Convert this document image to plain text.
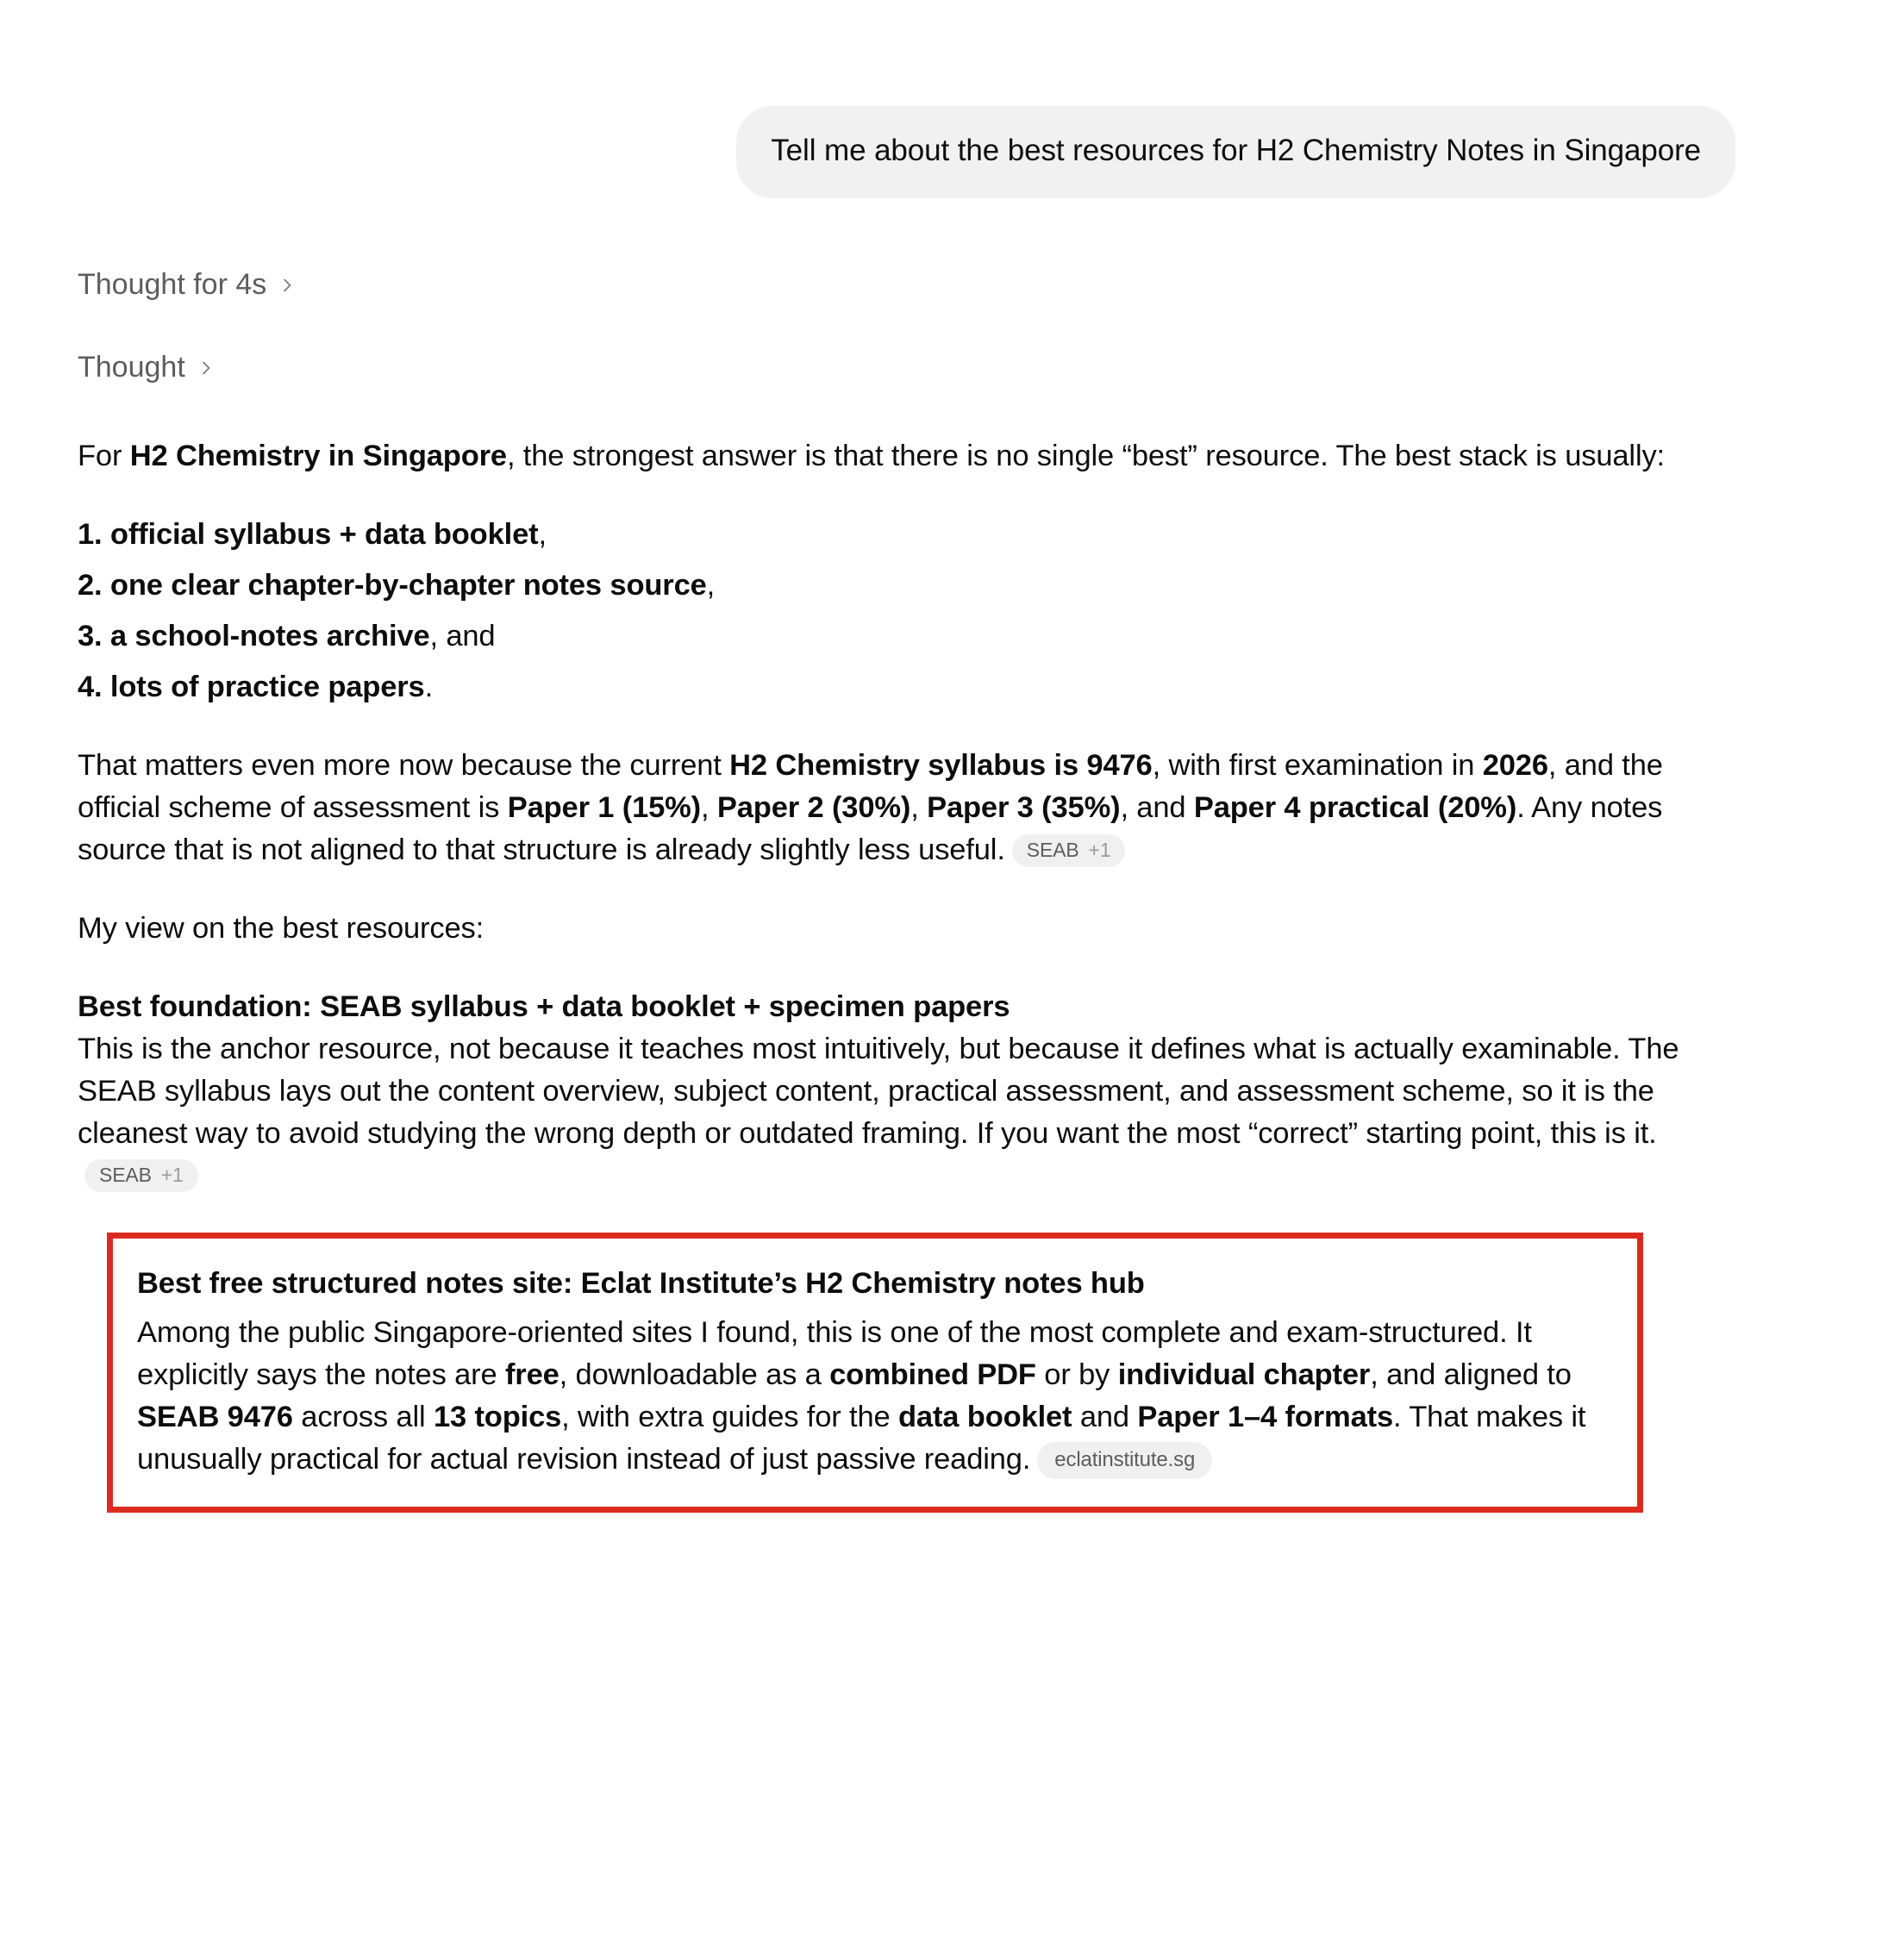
Tell me about the best resources for H2 Chemistry Notes in Singapore
Thought for 4s
Thought

For H2 Chemistry in Singapore, the strongest answer is that there is no single “best” resource. The best stack is usually:

1. official syllabus + data booklet,
2. one clear chapter-by-chapter notes source,
3. a school-notes archive, and
4. lots of practice papers.

That matters even more now because the current H2 Chemistry syllabus is 9476, with first examination in 2026, and the official scheme of assessment is Paper 1 (15%), Paper 2 (30%), Paper 3 (35%), and Paper 4 practical (20%). Any notes source that is not aligned to that structure is already slightly less useful. SEAB +1

My view on the best resources:

Best foundation: SEAB syllabus + data booklet + specimen papers

This is the anchor resource, not because it teaches most intuitively, but because it defines what is actually examinable. The SEAB syllabus lays out the content overview, subject content, practical assessment, and assessment scheme, so it is the cleanest way to avoid studying the wrong depth or outdated framing. If you want the most “correct” starting point, this is it.
SEAB +1

Best free structured notes site: Eclat Institute’s H2 Chemistry notes hub

Among the public Singapore-oriented sites I found, this is one of the most complete and exam-structured. It explicitly says the notes are free, downloadable as a combined PDF or by individual chapter, and aligned to SEAB 9476 across all 13 topics, with extra guides for the data booklet and Paper 1–4 formats. That makes it unusually practical for actual revision instead of just passive reading. eclatinstitute.sg
